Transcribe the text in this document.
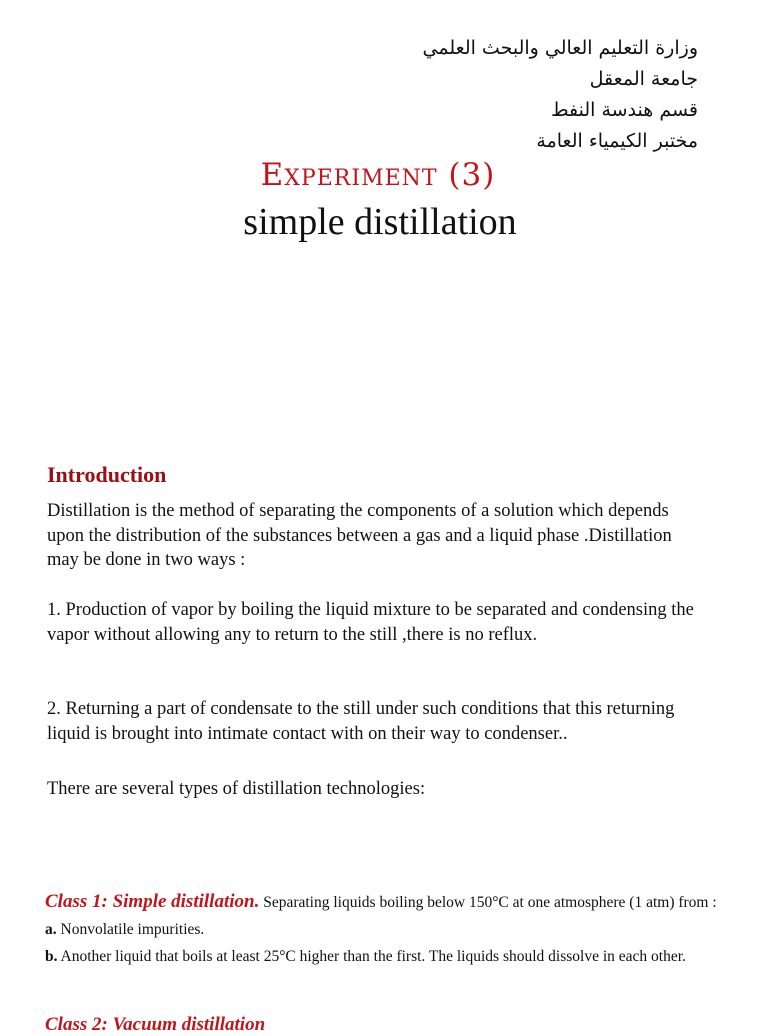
وزارة التعليم العالي والبحث العلمي
جامعة المعقل
قسم هندسة النفط
مختبر الكيمياء العامة
Experiment (3)
simple distillation
Introduction
Distillation is the method of separating the components of a solution which depends upon the distribution of the substances between a gas and a liquid phase .Distillation may be done in two ways :
1. Production of vapor by boiling the liquid mixture to be separated and condensing the vapor without allowing any to return to the still ,there is no reflux.
2. Returning a part of condensate to the still under such conditions that this returning liquid is brought into intimate contact with on their way to condenser..
There are several types of distillation technologies:
Class 1: Simple distillation. Separating liquids boiling below 150°C at one atmosphere (1 atm) from :
a. Nonvolatile impurities.
b. Another liquid that boils at least 25°C higher than the first. The liquids should dissolve in each other.
Class 2: Vacuum distillation
